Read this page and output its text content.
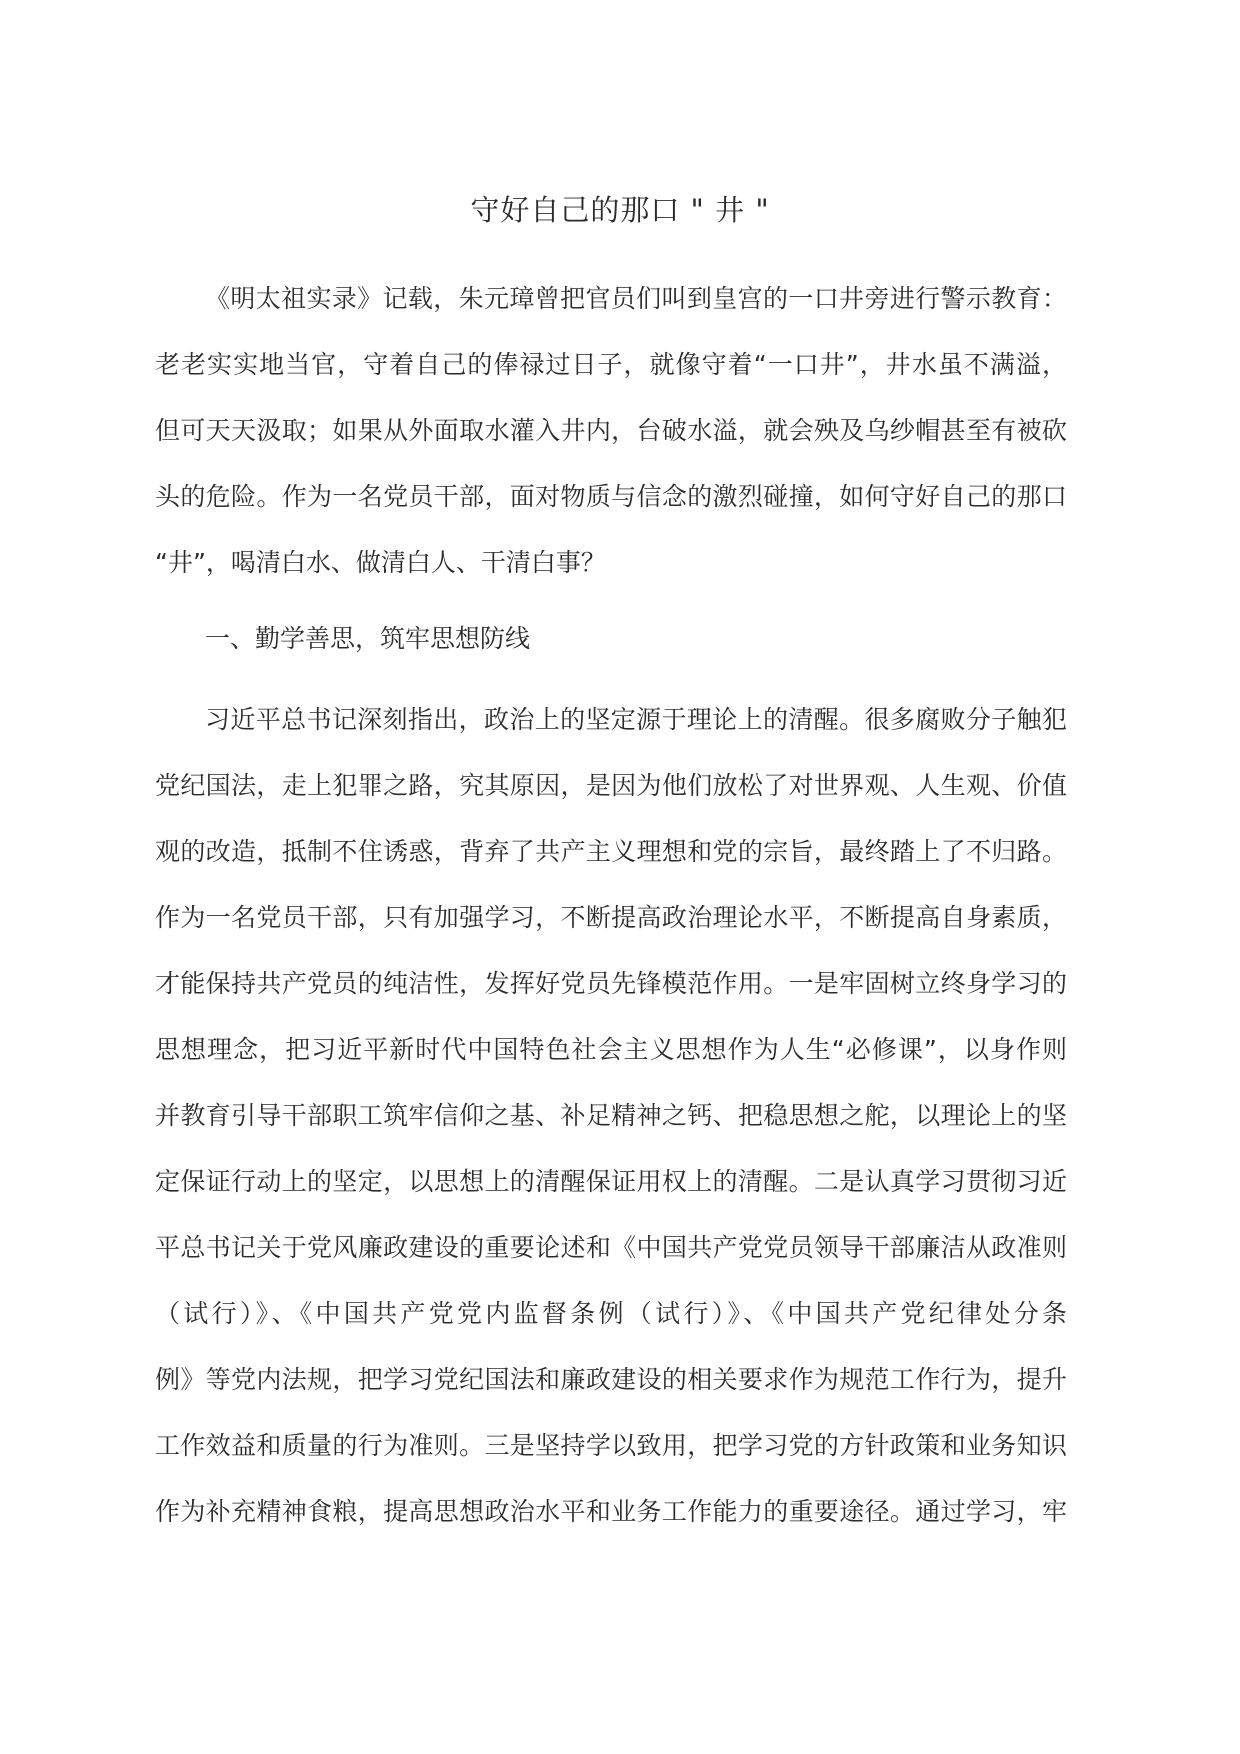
守好自己的那口 " 井 "
《明太祖实录》记载，朱元璋曾把官员们叫到皇宫的一口井旁进行警示教育：
老老实实地当官，守着自己的俸禄过日子，就像守着“一口井”，井水虽不满溢，
但可天天汲取；如果从外面取水灌入井内，台破水溢，就会殃及乌纱帽甚至有被砍
头的危险。作为一名党员干部，面对物质与信念的激烈碰撞，如何守好自己的那口
“井”，喝清白水、做清白人、干清白事？
一、勤学善思，筑牢思想防线
习近平总书记深刻指出，政治上的坚定源于理论上的清醒。很多腐败分子触犯
党纪国法，走上犯罪之路，究其原因，是因为他们放松了对世界观、人生观、价值
观的改造，抵制不住诱惑，背弃了共产主义理想和党的宗旨，最终踏上了不归路。
作为一名党员干部，只有加强学习，不断提高政治理论水平，不断提高自身素质，
才能保持共产党员的纯洁性，发挥好党员先锋模范作用。一是牢固树立终身学习的
思想理念，把习近平新时代中国特色社会主义思想作为人生“必修课”，以身作则
并教育引导干部职工筑牢信仰之基、补足精神之钙、把稳思想之舵，以理论上的坚
定保证行动上的坚定，以思想上的清醒保证用权上的清醒。二是认真学习贯彻习近
平总书记关于党风廉政建设的重要论述和《中国共产党党员领导干部廉洁从政准则
（试行）》、《中国共产党党内监督条例（试行）》、《中国共产党纪律处分条
例》等党内法规，把学习党纪国法和廉政建设的相关要求作为规范工作行为，提升
工作效益和质量的行为准则。三是坚持学以致用，把学习党的方针政策和业务知识
作为补充精神食粮，提高思想政治水平和业务工作能力的重要途径。通过学习，牢
